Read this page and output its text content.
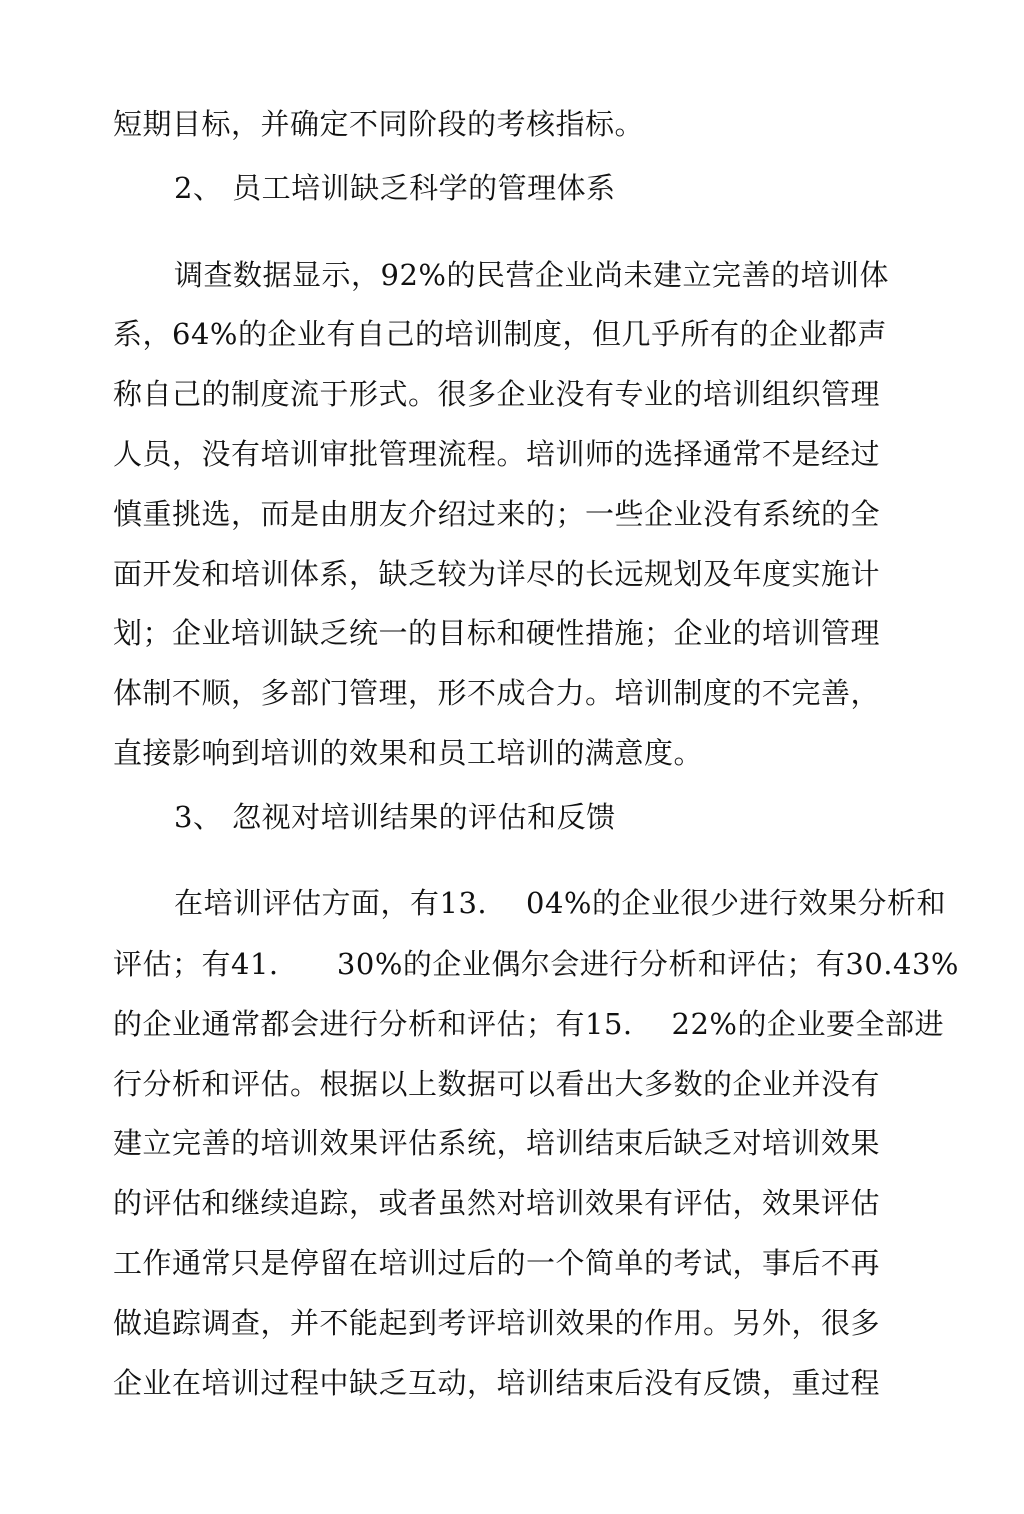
短期目标，并确定不同阶段的考核指标。
2、 员工培训缺乏科学的管理体系
调查数据显示，92%的民营企业尚未建立完善的培训体
系，64%的企业有自己的培训制度，但几乎所有的企业都声
称自己的制度流于形式。很多企业没有专业的培训组织管理
人员，没有培训审批管理流程。培训师的选择通常不是经过
慎重挑选，而是由朋友介绍过来的；一些企业没有系统的全
面开发和培训体系，缺乏较为详尽的长远规划及年度实施计
划；企业培训缺乏统一的目标和硬性措施；企业的培训管理
体制不顺，多部门管理，形不成合力。培训制度的不完善，
直接影响到培训的效果和员工培训的满意度。
3、 忽视对培训结果的评估和反馈
在培训评估方面，有13.    04%的企业很少进行效果分析和
评估；有41.      30%的企业偶尔会进行分析和评估；有30.43%
的企业通常都会进行分析和评估；有15.    22%的企业要全部进
行分析和评估。根据以上数据可以看出大多数的企业并没有
建立完善的培训效果评估系统，培训结束后缺乏对培训效果
的评估和继续追踪，或者虽然对培训效果有评估，效果评估
工作通常只是停留在培训过后的一个简单的考试，事后不再
做追踪调查，并不能起到考评培训效果的作用。另外，很多
企业在培训过程中缺乏互动，培训结束后没有反馈，重过程
